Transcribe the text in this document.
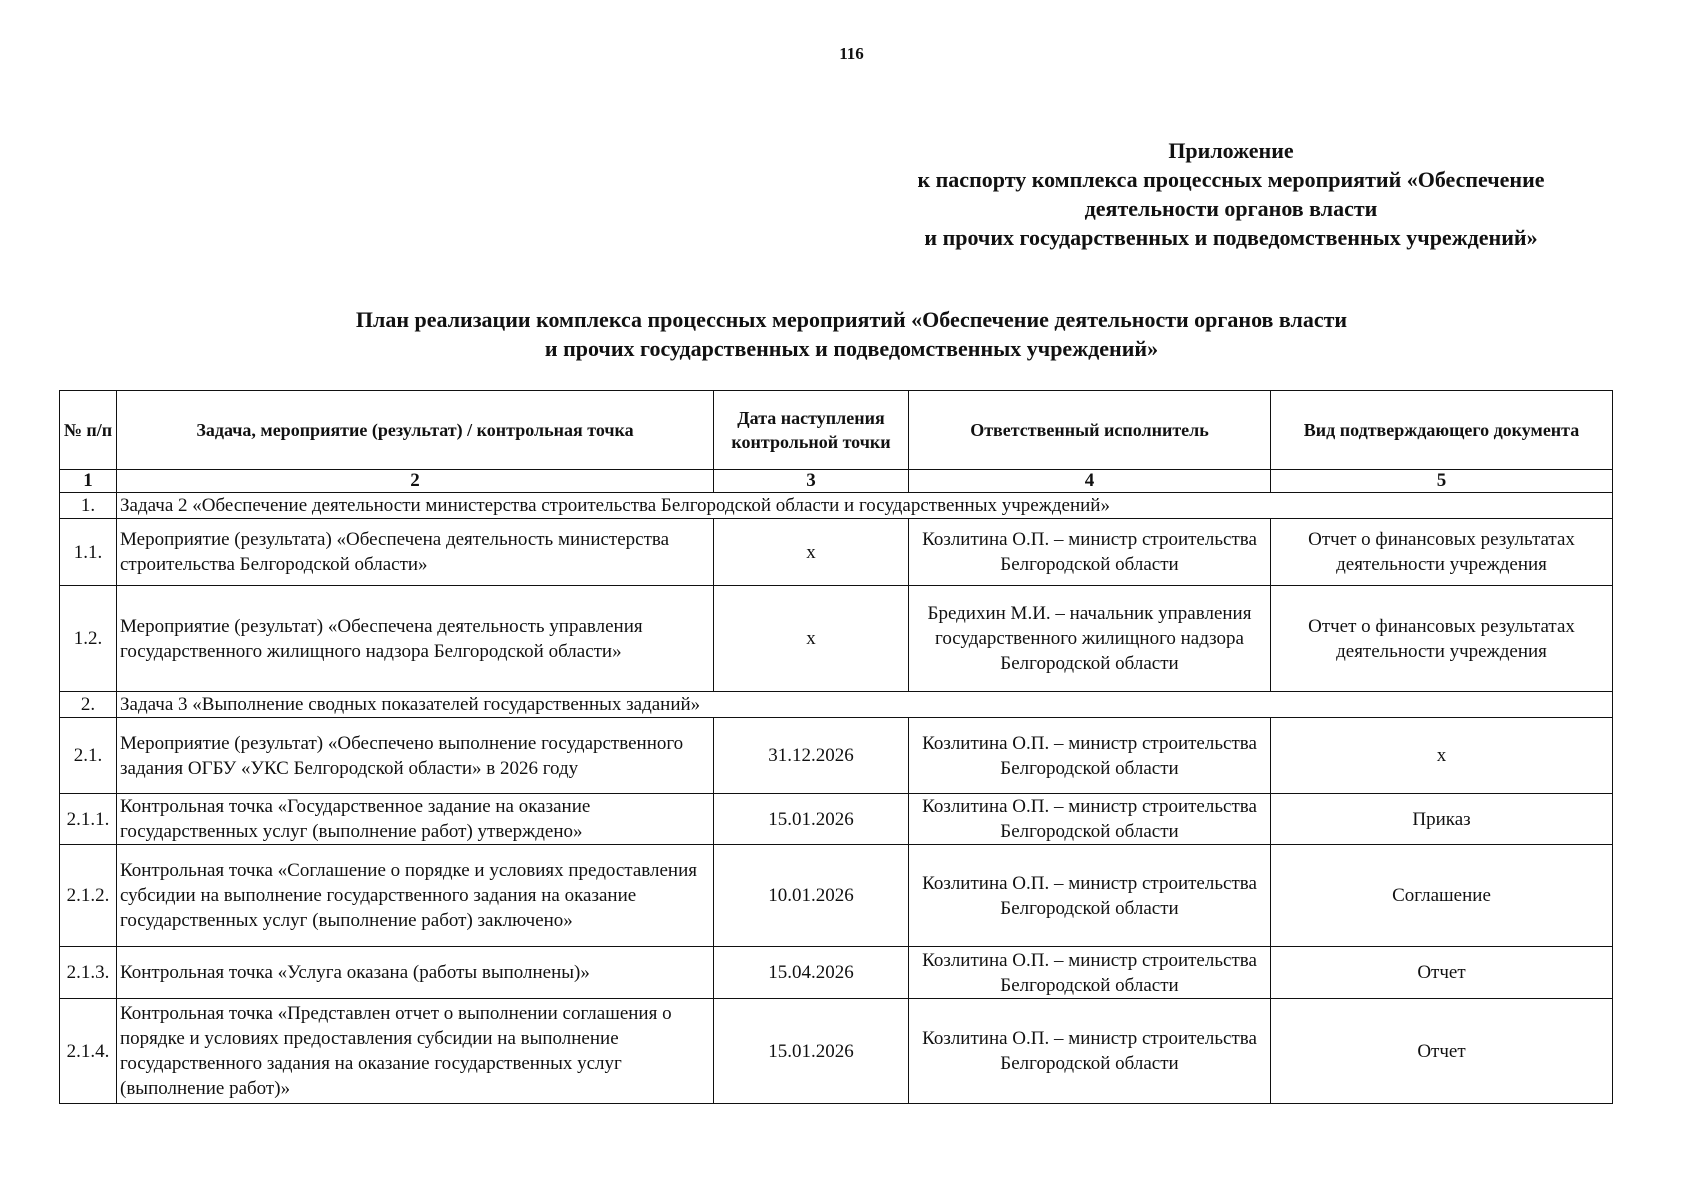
116
Приложение
к паспорту комплекса процессных мероприятий «Обеспечение
деятельности органов власти
и прочих государственных и подведомственных учреждений»
План реализации комплекса процессных мероприятий «Обеспечение деятельности органов власти
и прочих государственных и подведомственных учреждений»
№ п/п	Задача, мероприятие (результат) / контрольная точка	Дата наступления контрольной точки	Ответственный исполнитель	Вид подтверждающего документа
1	2	3	4	5
1.	Задача 2 «Обеспечение деятельности министерства строительства Белгородской области и государственных учреждений»			
1.1.	Мероприятие (результата) «Обеспечена деятельность министерства строительства Белгородской области»	х	Козлитина О.П. – министр строительства Белгородской области	Отчет о финансовых результатах деятельности учреждения
1.2.	Мероприятие (результат) «Обеспечена деятельность управления государственного жилищного надзора Белгородской области»	х	Бредихин М.И. – начальник управления государственного жилищного надзора Белгородской области	Отчет о финансовых результатах деятельности учреждения
2.	Задача 3 «Выполнение сводных показателей государственных заданий»			
2.1.	Мероприятие (результат) «Обеспечено выполнение государственного задания ОГБУ «УКС Белгородской области» в 2026 году	31.12.2026	Козлитина О.П. – министр строительства Белгородской области	х
2.1.1.	Контрольная точка «Государственное задание на оказание государственных услуг (выполнение работ) утверждено»	15.01.2026	Козлитина О.П. – министр строительства Белгородской области	Приказ
2.1.2.	Контрольная точка «Соглашение о порядке и условиях предоставления субсидии на выполнение государственного задания на оказание государственных услуг (выполнение работ) заключено»	10.01.2026	Козлитина О.П. – министр строительства Белгородской области	Соглашение
2.1.3.	Контрольная точка «Услуга оказана (работы выполнены)»	15.04.2026	Козлитина О.П. – министр строительства Белгородской области	Отчет
2.1.4.	Контрольная точка «Представлен отчет о выполнении соглашения о порядке и условиях предоставления субсидии на выполнение государственного задания на оказание государственных услуг (выполнение работ)»	15.01.2026	Козлитина О.П. – министр строительства Белгородской области	Отчет
